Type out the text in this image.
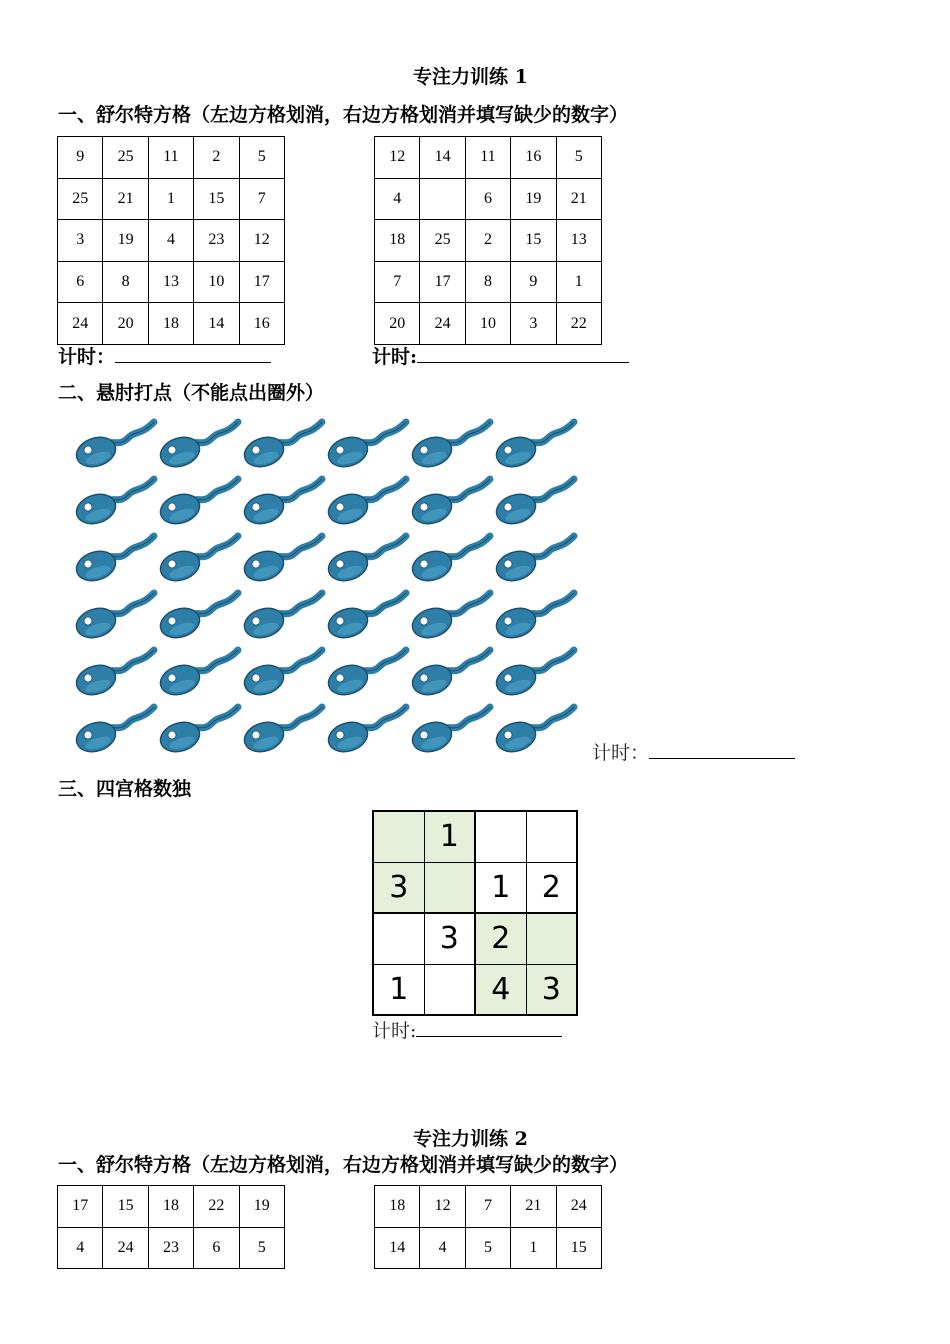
专注力训练 1
一、舒尔特方格（左边方格划消，右边方格划消并填写缺少的数字）
9	25	11	2	5
25	21	1	15	7
3	19	4	23	12
6	8	13	10	17
24	20	18	14	16
12	14	11	16	5
4		6	19	21
18	25	2	15	13
7	17	8	9	1
20	24	10	3	22
计时：	计时:
二、悬肘打点（不能点出圈外）
计时：
三、四宫格数独
	1		
3		1	2
	3	2	
1		4	3
计时:
专注力训练 2
一、舒尔特方格（左边方格划消，右边方格划消并填写缺少的数字）
17	15	18	22	19
4	24	23	6	5
18	12	7	21	24
14	4	5	1	15
